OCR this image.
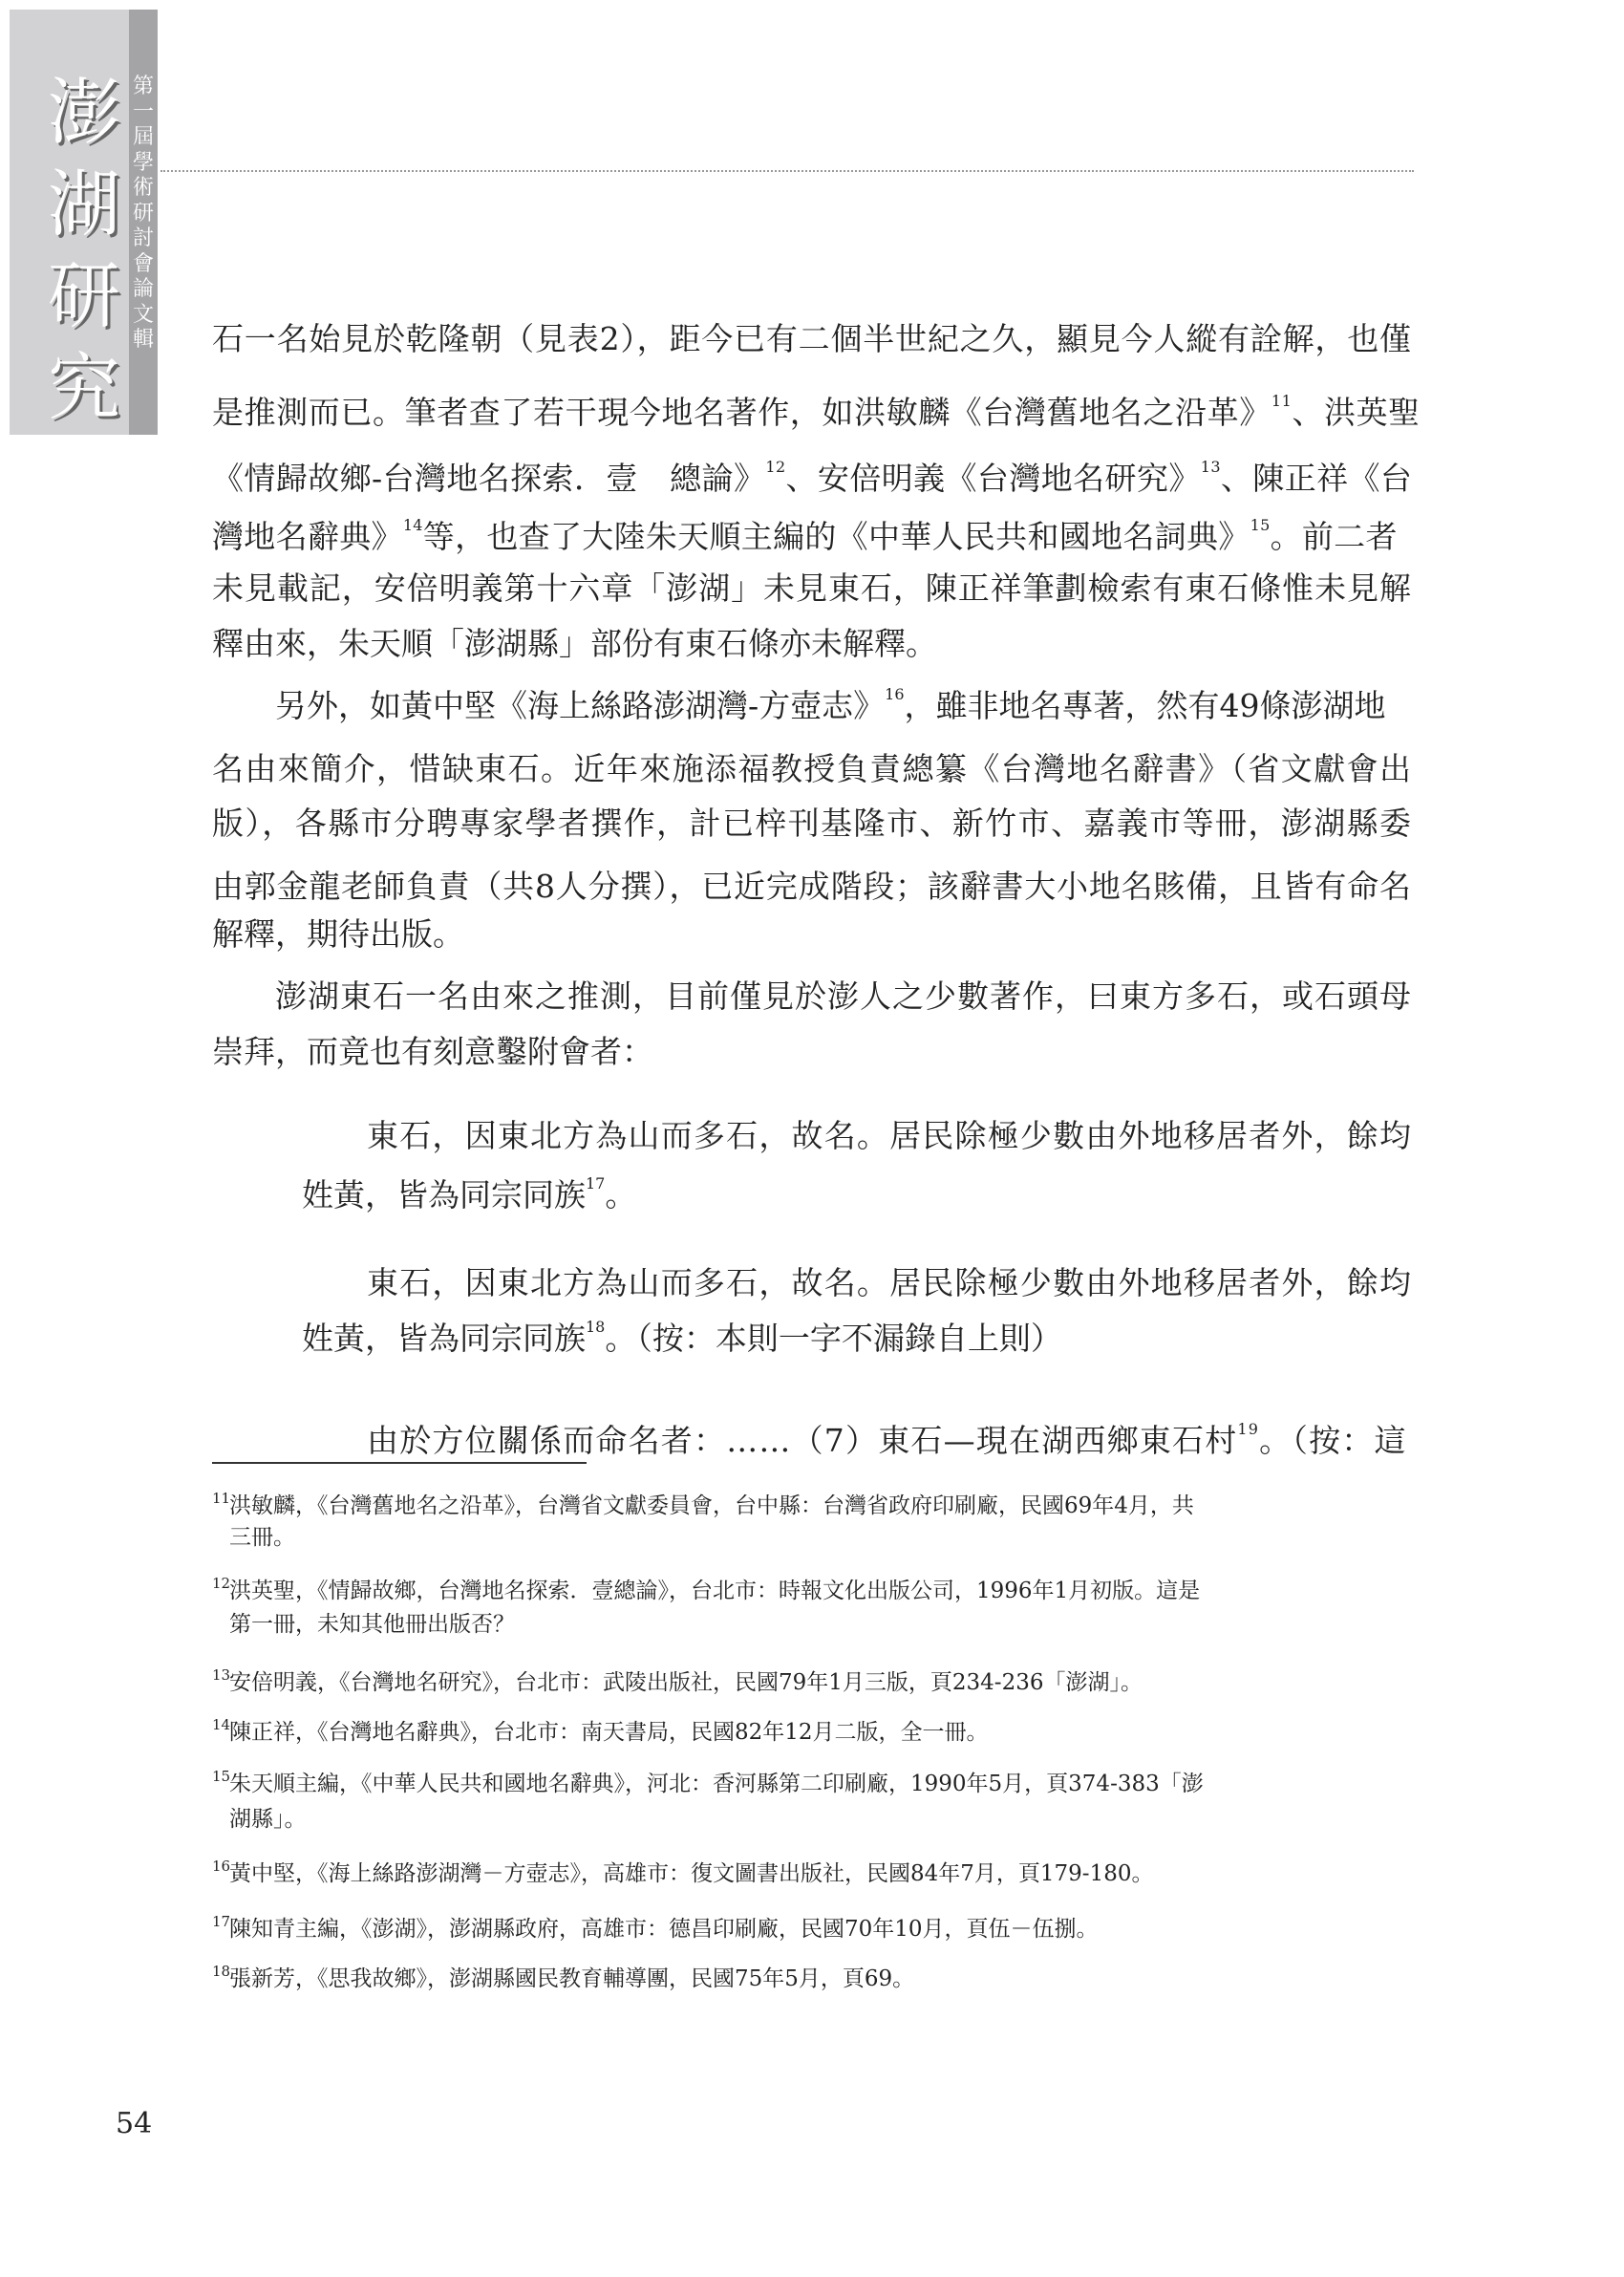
澎湖研究
第一屆學術研討會論文輯 石一名始見於乾隆朝（見表2），距今已有二個半世紀之久，顯見今人縱有詮解，也僅
是推測而已。筆者查了若干現今地名著作，如洪敏麟《台灣舊地名之沿革》$^{11}$、洪英聖
《情歸故鄉-台灣地名探索．壹　總論》$^{12}$、安倍明義《台灣地名研究》$^{13}$、陳正祥《台
灣地名辭典》$^{14}$等，也查了大陸朱天順主編的《中華人民共和國地名詞典》$^{15}$。前二者
未見載記，安倍明義第十六章「澎湖」未見東石，陳正祥筆劃檢索有東石條惟未見解
釋由來，朱天順「澎湖縣」部份有東石條亦未解釋。
另外，如黃中堅《海上絲路澎湖灣-方壺志》$^{16}$，雖非地名專著，然有49條澎湖地
名由來簡介，惜缺東石。近年來施添福教授負責總纂《台灣地名辭書》（省文獻會出
版），各縣市分聘專家學者撰作，計已梓刊基隆市、新竹市、嘉義市等冊，澎湖縣委
由郭金龍老師負責（共8人分撰），已近完成階段；該辭書大小地名賅備，且皆有命名
解釋，期待出版。
澎湖東石一名由來之推測，目前僅見於澎人之少數著作，曰東方多石，或石頭母
崇拜，而竟也有刻意鑿附會者：
東石，因東北方為山而多石，故名。居民除極少數由外地移居者外，餘均
姓黃，皆為同宗同族$^{17}$。
東石，因東北方為山而多石，故名。居民除極少數由外地移居者外，餘均
姓黃，皆為同宗同族$^{18}$。（按：本則一字不漏錄自上則）
由於方位關係而命名者：……（7）東石—現在湖西鄉東石村$^{19}$。（按：這
11
洪敏麟，《台灣舊地名之沿革》，台灣省文獻委員會，台中縣：台灣省政府印刷廠，民國69年4月，共
三冊。
12
洪英聖，《情歸故鄉，台灣地名探索．壹總論》，台北市：時報文化出版公司，1996年1月初版。這是
第一冊，未知其他冊出版否？
13
安倍明義，《台灣地名研究》，台北市：武陵出版社，民國79年1月三版，頁234-236「澎湖」。
14
陳正祥，《台灣地名辭典》，台北市：南天書局，民國82年12月二版，全一冊。
15
朱天順主編，《中華人民共和國地名辭典》，河北：香河縣第二印刷廠，1990年5月，頁374-383「澎
湖縣」。
16
黃中堅，《海上絲路澎湖灣－方壺志》，高雄市：復文圖書出版社，民國84年7月，頁179-180。
17
陳知青主編，《澎湖》，澎湖縣政府，高雄市：德昌印刷廠，民國70年10月，頁伍－伍捌。
18
張新芳，《思我故鄉》，澎湖縣國民教育輔導團，民國75年5月，頁69。
54
